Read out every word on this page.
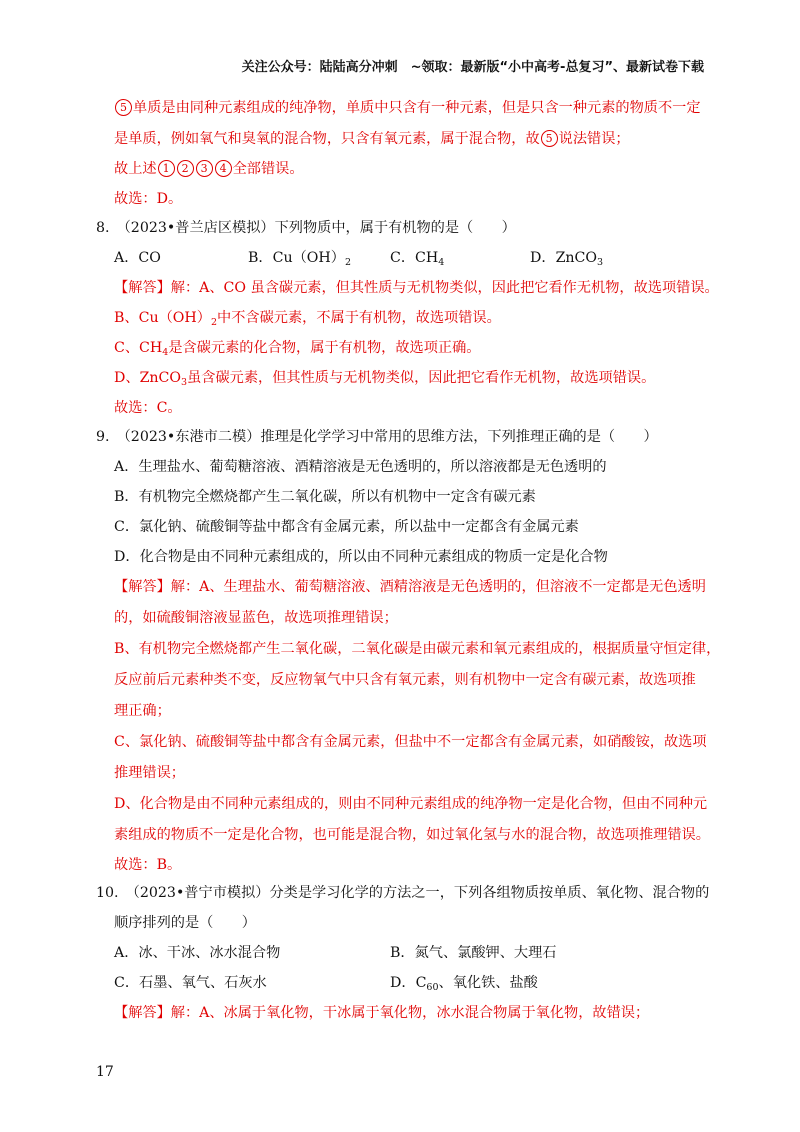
关注公众号：陆陆高分冲刺　~领取：最新版“小中高考-总复习”、最新试卷下载
5 单质是由同种元素组成的纯净物，单质中只含有一种元素，但是只含一种元素的物质不一定
是单质，例如氧气和臭氧的混合物，只含有氧元素，属于混合物，故 5 说法错误；
故上述 1 2 3 4 全部错误。
故选：D。
8.　（2023•普兰店区模拟）下列物质中，属于有机物的是（　　）
A．CO	B．$Cu(OH)_2$	C．$CH_4$	D．ZnCO$_3$
【解答】解：A、CO 虽含碳元素，但其性质与无机物类似，因此把它看作无机物，故选项错误。
B、$Cu(OH)_2$中不含碳元素，不属于有机物，故选项错误。
C、$CH_4$是含碳元素的化合物，属于有机物，故选项正确。
D、ZnCO$_3$虽含碳元素，但其性质与无机物类似，因此把它看作无机物，故选项错误。
故选：C。
9.　（2023•东港市二模）推理是化学学习中常用的思维方法，下列推理正确的是（　　）
A．生理盐水、葡萄糖溶液、酒精溶液是无色透明的，所以溶液都是无色透明的
B．有机物完全燃烧都产生二氧化碳，所以有机物中一定含有碳元素
C．氯化钠、硫酸铜等盐中都含有金属元素，所以盐中一定都含有金属元素
D．化合物是由不同种元素组成的，所以由不同种元素组成的物质一定是化合物
【解答】解：A、生理盐水、葡萄糖溶液、酒精溶液是无色透明的，但溶液不一定都是无色透明
的，如硫酸铜溶液显蓝色，故选项推理错误；
B、有机物完全燃烧都产生二氧化碳，二氧化碳是由碳元素和氧元素组成的，根据质量守恒定律，
反应前后元素种类不变，反应物氧气中只含有氧元素，则有机物中一定含有碳元素，故选项推
理正确；
C、氯化钠、硫酸铜等盐中都含有金属元素，但盐中不一定都含有金属元素，如硝酸铵，故选项
推理错误；
D、化合物是由不同种元素组成的，则由不同种元素组成的纯净物一定是化合物，但由不同种元
素组成的物质不一定是化合物，也可能是混合物，如过氧化氢与水的混合物，故选项推理错误。
故选：B。
10.　（2023•普宁市模拟）分类是学习化学的方法之一，下列各组物质按单质、氧化物、混合物的
顺序排列的是（　　）
A．冰、干冰、冰水混合物	B．氮气、氯酸钾、大理石
C．石墨、氧气、石灰水	D．$C_{60}$、氧化铁、盐酸
【解答】解：A、冰属于氧化物，干冰属于氧化物，冰水混合物属于氧化物，故错误；
17
